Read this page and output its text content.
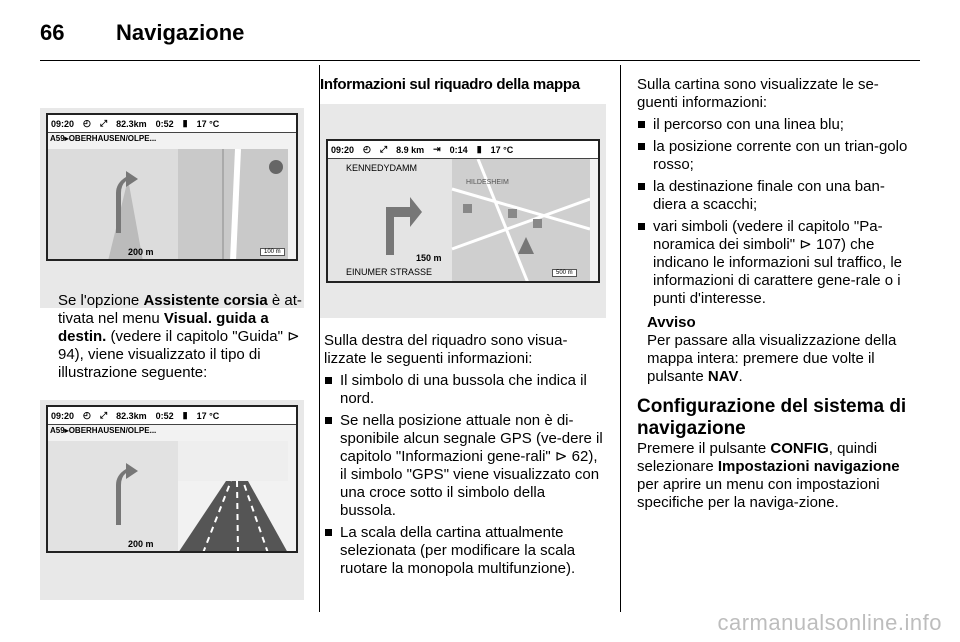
66	Navigazione
09:20 ◴ ⤢ 82.3km 0:52 ▮ 17 °C
A59▸OBERHAUSEN/OLPE...
200 m	100 m
Se l'opzione Assistente corsia è at-tivata nel menu Visual. guida a destin. (vedere il capitolo "Guida" ⊳ 94), viene visualizzato il tipo di illustrazione seguente:
09:20 ◴ ⤢ 82.3km 0:52 ▮ 17 °C
A59▸OBERHAUSEN/OLPE...
200 m
Informazioni sul riquadro della mappa
09:20 ◴ ⤢ 8.9 km ⇥ 0:14 ▮ 17 °C
KENNEDYDAMM
HILDESHEIM
150 m
EINUMER STRASSE	500 m
Sulla destra del riquadro sono visua-lizzate le seguenti informazioni:
Il simbolo di una bussola che indica il nord.
Se nella posizione attuale non è di-sponibile alcun segnale GPS (ve-dere il capitolo "Informazioni gene-rali" ⊳ 62), il simbolo "GPS" viene visualizzato con una croce sotto il simbolo della bussola.
La scala della cartina attualmente selezionata (per modificare la scala ruotare la monopola multifunzione).
Sulla cartina sono visualizzate le se-guenti informazioni:
il percorso con una linea blu;
la posizione corrente con un trian-golo rosso;
la destinazione finale con una ban-diera a scacchi;
vari simboli (vedere il capitolo "Pa-noramica dei simboli" ⊳ 107) che indicano le informazioni sul traffico, le informazioni di carattere gene-rale o i punti d'interesse.
Avviso
Per passare alla visualizzazione della mappa intera: premere due volte il pulsante NAV.
Configurazione del sistema di navigazione
Premere il pulsante CONFIG, quindi selezionare Impostazioni navigazione per aprire un menu con impostazioni specifiche per la naviga-zione.
carmanualsonline.info
